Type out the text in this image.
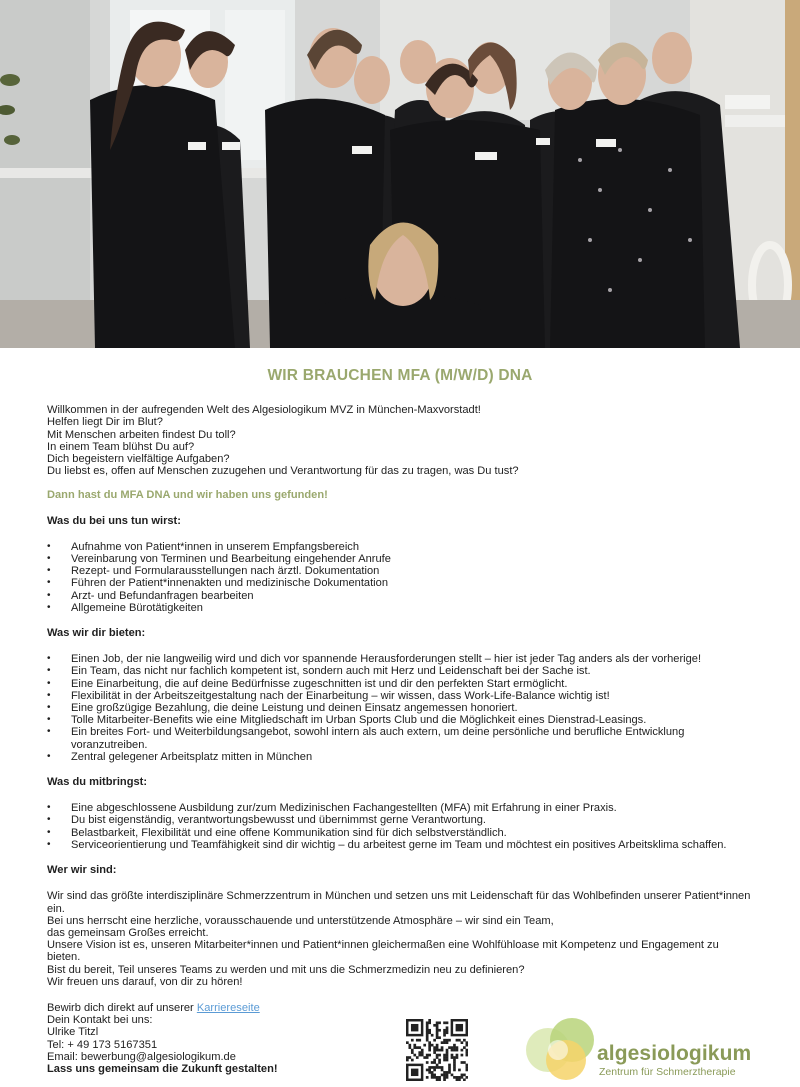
WIR BRAUCHEN MFA (M/W/D) DNA

Willkommen in der aufregenden Welt des Algesiologikum MVZ in München-Maxvorstadt!

Helfen liegt Dir im Blut?

Mit Menschen arbeiten findest Du toll?

In einem Team blühst Du auf?

Dich begeistern vielfältige Aufgaben?

Du liebst es, offen auf Menschen zuzugehen und Verantwortung für das zu tragen, was Du tust?

Dann hast du MFA DNA und wir haben uns gefunden!

Was du bei uns tun wirst:

• Aufnahme von Patient*innen in unserem Empfangsbereich
• Vereinbarung von Terminen und Bearbeitung eingehender Anrufe
• Rezept- und Formularausstellungen nach ärztl. Dokumentation
• Führen der Patient*innenakten und medizinische Dokumentation
• Arzt- und Befundanfragen bearbeiten
• Allgemeine Bürotätigkeiten

Was wir dir bieten:

• Einen Job, der nie langweilig wird und dich vor spannende Herausforderungen stellt – hier ist jeder Tag anders als der vorherige!
• Ein Team, das nicht nur fachlich kompetent ist, sondern auch mit Herz und Leidenschaft bei der Sache ist.
• Eine Einarbeitung, die auf deine Bedürfnisse zugeschnitten ist und dir den perfekten Start ermöglicht.
• Flexibilität in der Arbeitszeitgestaltung nach der Einarbeitung – wir wissen, dass Work-Life-Balance wichtig ist!
• Eine großzügige Bezahlung, die deine Leistung und deinen Einsatz angemessen honoriert.
• Tolle Mitarbeiter-Benefits wie eine Mitgliedschaft im Urban Sports Club und die Möglichkeit eines Dienstrad-Leasings.
• Ein breites Fort- und Weiterbildungsangebot, sowohl intern als auch extern, um deine persönliche und berufliche Entwicklung voranzutreiben.
• Zentral gelegener Arbeitsplatz mitten in München

Was du mitbringst:

• Eine abgeschlossene Ausbildung zur/zum Medizinischen Fachangestellten (MFA) mit Erfahrung in einer Praxis.
• Du bist eigenständig, verantwortungsbewusst und übernimmst gerne Verantwortung.
• Belastbarkeit, Flexibilität und eine offene Kommunikation sind für dich selbstverständlich.
• Serviceorientierung und Teamfähigkeit sind dir wichtig – du arbeitest gerne im Team und möchtest ein positives Arbeitsklima schaffen.

Wer wir sind:

Wir sind das größte interdisziplinäre Schmerzzentrum in München und setzen uns mit Leidenschaft für das Wohlbefinden unserer Patient*innen ein.

Bei uns herrscht eine herzliche, vorausschauende und unterstützende Atmosphäre – wir sind ein Team,

das gemeinsam Großes erreicht.

Unsere Vision ist es, unseren Mitarbeiter*innen und Patient*innen gleichermaßen eine Wohlfühloase mit Kompetenz und Engagement zu bieten.

Bist du bereit, Teil unseres Teams zu werden und mit uns die Schmerzmedizin neu zu definieren?

Wir freuen uns darauf, von dir zu hören!

Bewirb dich direkt auf unserer Karriereseite

Dein Kontakt bei uns:

Ulrike Titzl

Tel: + 49 173 5167351

Email: bewerbung@algesiologikum.de

Lass uns gemeinsam die Zukunft gestalten!

algesiologikum
Zentrum für Schmerztherapie
